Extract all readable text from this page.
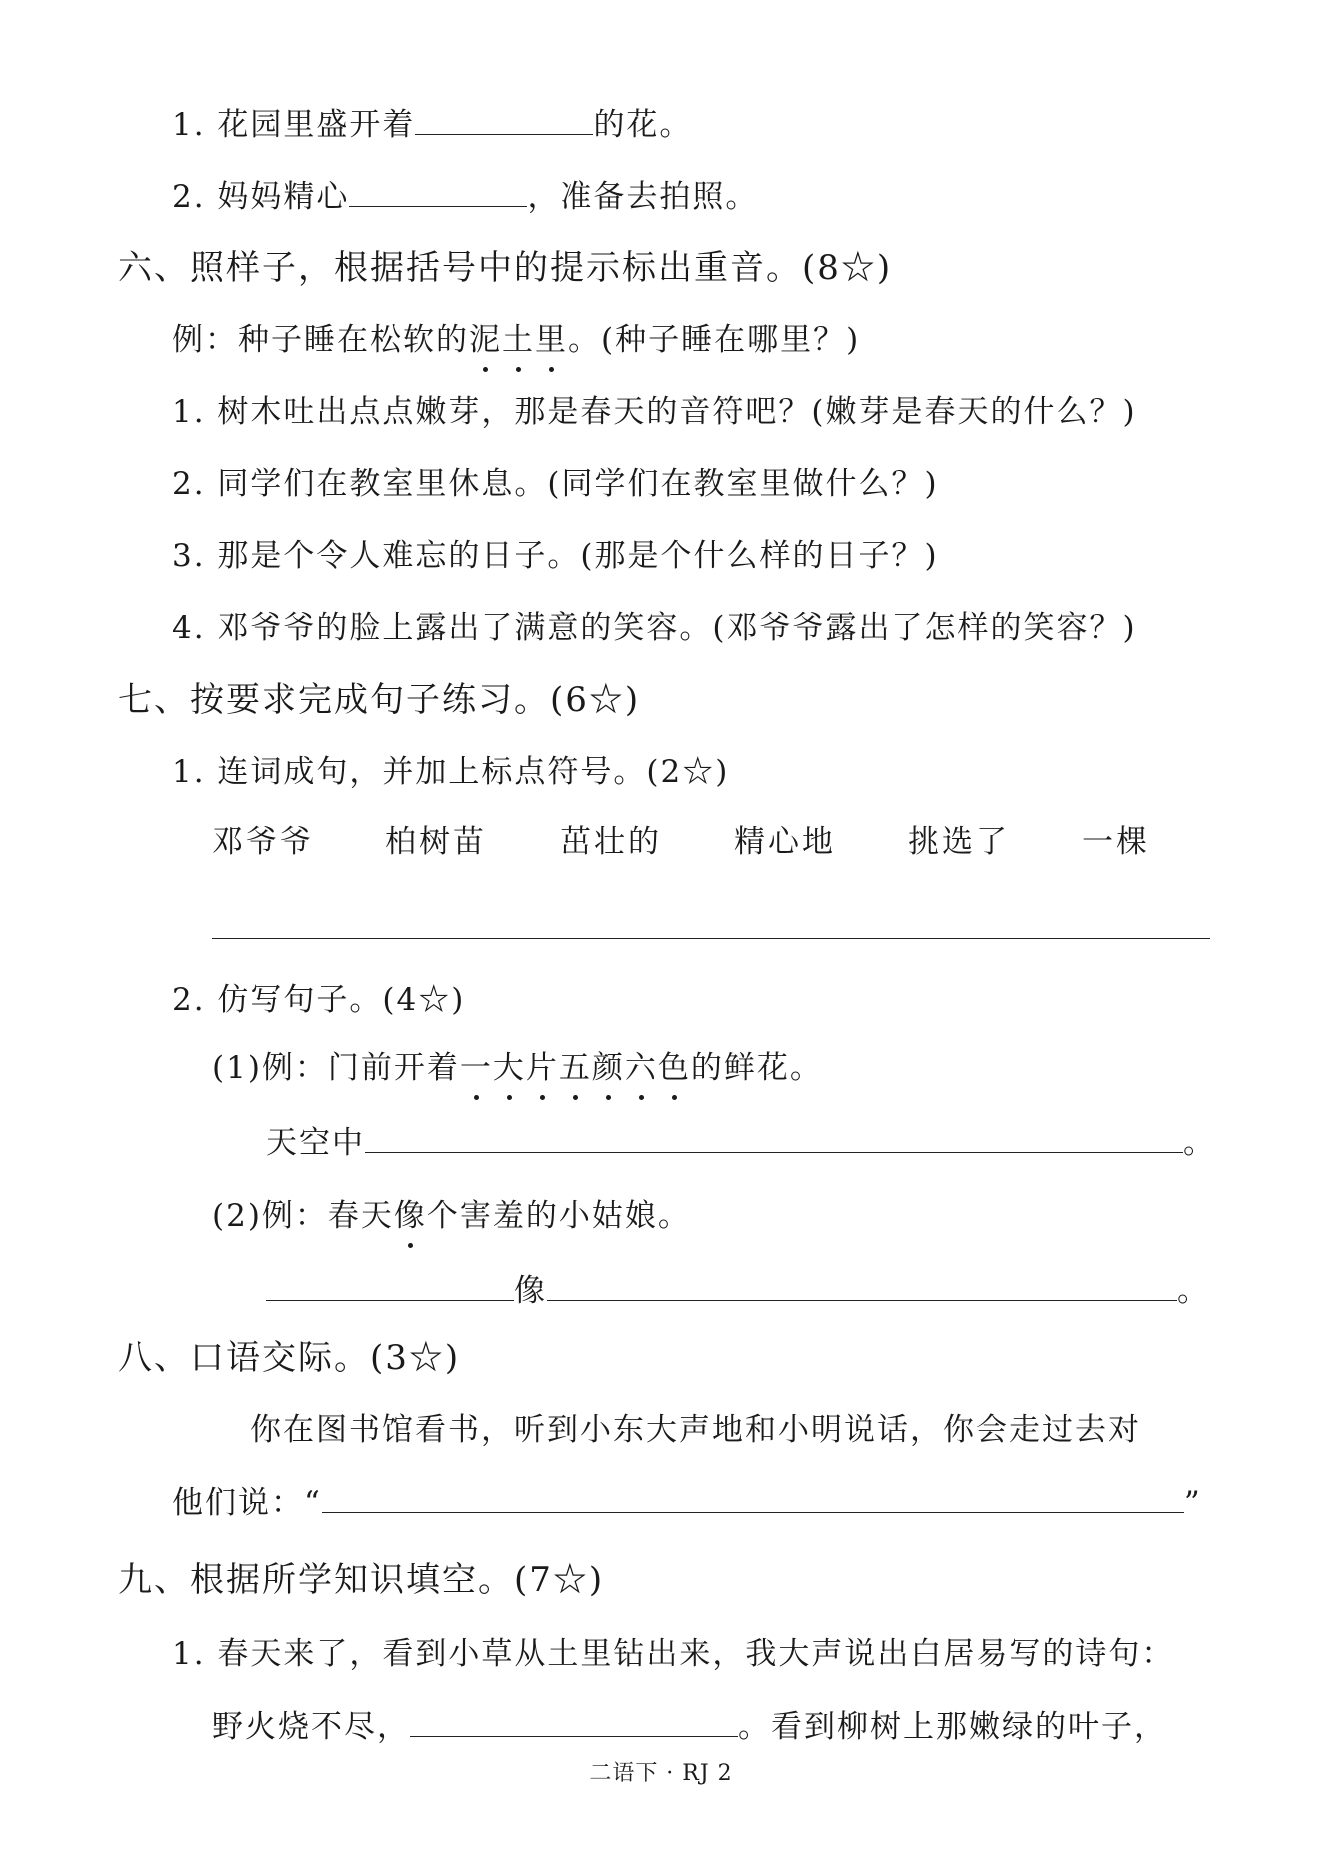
1. 花园里盛开着	的花。
2. 妈妈精心	，准备去拍照。
六、照样子，根据括号中的提示标出重音。(8☆)
例：种子睡在松软的泥土里。(种子睡在哪里？)
1. 树木吐出点点嫩芽，那是春天的音符吧？(嫩芽是春天的什么？)
2. 同学们在教室里休息。(同学们在教室里做什么？)
3. 那是个令人难忘的日子。(那是个什么样的日子？)
4. 邓爷爷的脸上露出了满意的笑容。(邓爷爷露出了怎样的笑容？)
七、按要求完成句子练习。(6☆)
1. 连词成句，并加上标点符号。(2☆)
邓爷爷 柏树苗 茁壮的 精心地 挑选了 一棵
2. 仿写句子。(4☆)
(1)例：门前开着一大片五颜六色的鲜花。
天空中	。
(2)例：春天像个害羞的小姑娘。
像	。
八、口语交际。(3☆)
你在图书馆看书，听到小东大声地和小明说话，你会走过去对
他们说：“	”
九、根据所学知识填空。(7☆)
1. 春天来了，看到小草从土里钻出来，我大声说出白居易写的诗句：
野火烧不尽，	。看到柳树上那嫩绿的叶子，
二语下 · RJ 2
